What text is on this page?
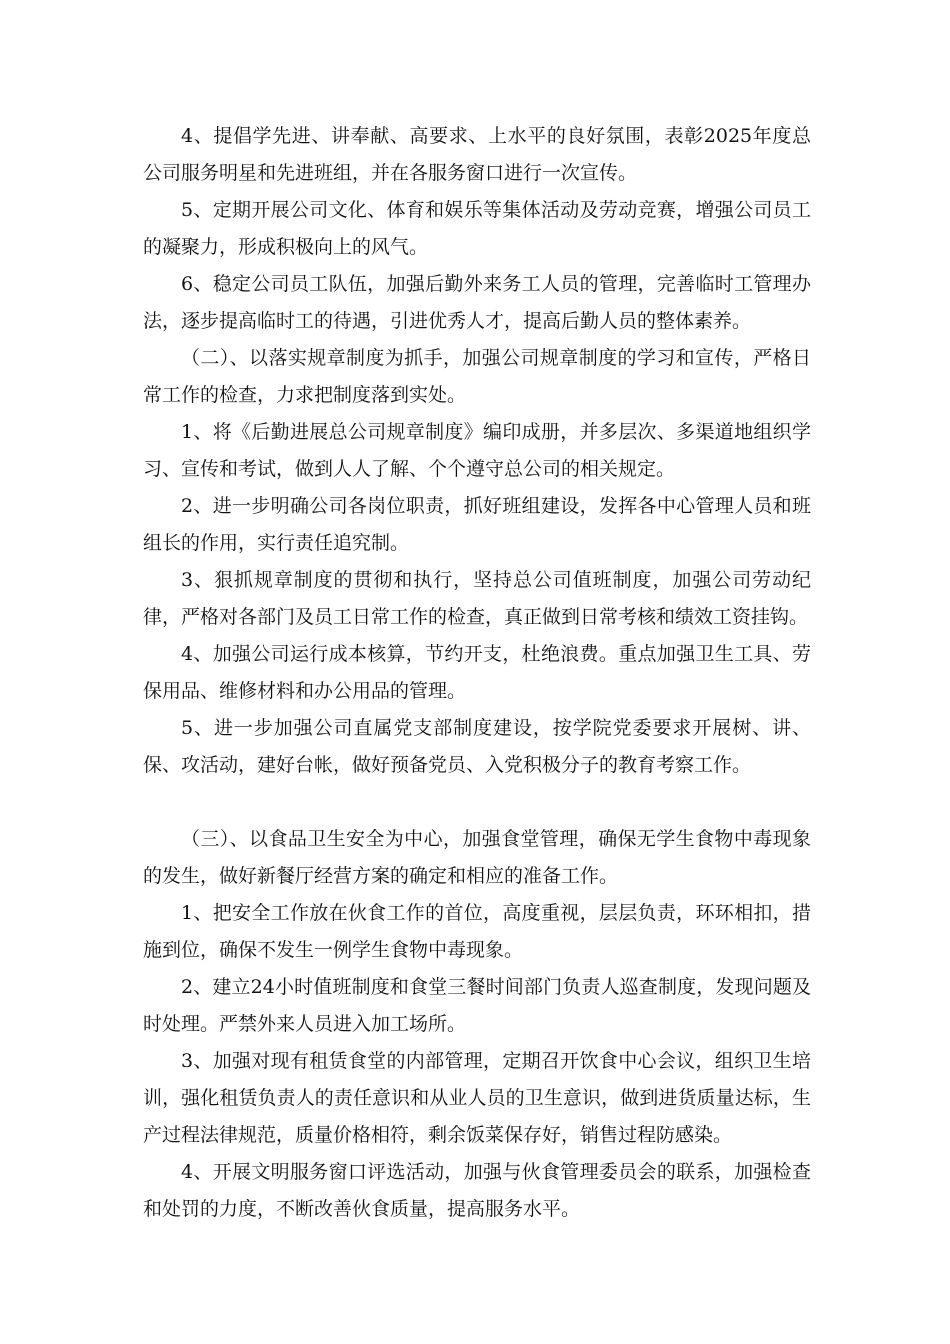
4、提倡学先进、讲奉献、高要求、上水平的良好氛围，表彰2025年度总公司服务明星和先进班组，并在各服务窗口进行一次宣传。

5、定期开展公司文化、体育和娱乐等集体活动及劳动竞赛，增强公司员工的凝聚力，形成积极向上的风气。

6、稳定公司员工队伍，加强后勤外来务工人员的管理，完善临时工管理办法，逐步提高临时工的待遇，引进优秀人才，提高后勤人员的整体素养。

（二）、以落实规章制度为抓手，加强公司规章制度的学习和宣传，严格日常工作的检查，力求把制度落到实处。

1、将《后勤进展总公司规章制度》编印成册，并多层次、多渠道地组织学习、宣传和考试，做到人人了解、个个遵守总公司的相关规定。

2、进一步明确公司各岗位职责，抓好班组建设，发挥各中心管理人员和班组长的作用，实行责任追究制。

3、狠抓规章制度的贯彻和执行，坚持总公司值班制度，加强公司劳动纪律，严格对各部门及员工日常工作的检查，真正做到日常考核和绩效工资挂钩。

4、加强公司运行成本核算，节约开支，杜绝浪费。重点加强卫生工具、劳保用品、维修材料和办公用品的管理。

5、进一步加强公司直属党支部制度建设，按学院党委要求开展树、讲、保、攻活动，建好台帐，做好预备党员、入党积极分子的教育考察工作。

（三）、以食品卫生安全为中心，加强食堂管理，确保无学生食物中毒现象的发生，做好新餐厅经营方案的确定和相应的准备工作。

1、把安全工作放在伙食工作的首位，高度重视，层层负责，环环相扣，措施到位，确保不发生一例学生食物中毒现象。

2、建立24小时值班制度和食堂三餐时间部门负责人巡查制度，发现问题及时处理。严禁外来人员进入加工场所。

3、加强对现有租赁食堂的内部管理，定期召开饮食中心会议，组织卫生培训，强化租赁负责人的责任意识和从业人员的卫生意识，做到进货质量达标，生产过程法律规范，质量价格相符，剩余饭菜保存好，销售过程防感染。

4、开展文明服务窗口评选活动，加强与伙食管理委员会的联系，加强检查和处罚的力度，不断改善伙食质量，提高服务水平。
